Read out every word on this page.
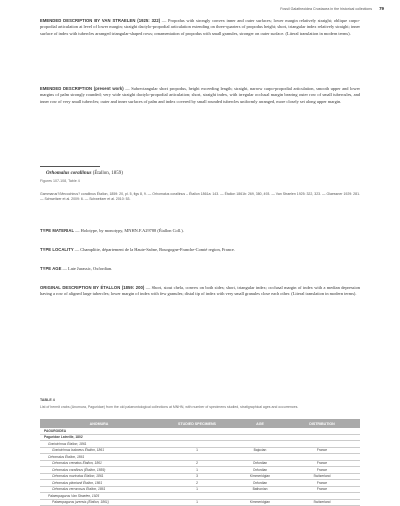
Fossil Galatheoidea Crustacea in the historical collections 79

EMENDED DESCRIPTION BY VAN STRAELEN (1925: 322) — Propodus with strongly convex inner and outer surfaces; lower margin relatively straight; oblique carpo-propodial articulation at level of lower margin; straight dactylo-propodial articulation extending on three-quarters of propodus height; short, triangular index relatively straight; inner surface of index with tubercles arranged triangular-shaped rows; ornamentation of propodus with small granules, stronger on outer surface. (Literal translation in modern terms).

EMENDED DESCRIPTION (present work) — Subrectangular short propodus, height exceeding length; straight, narrow carpo-propodial articulation, smooth upper and lower margins of palm strongly rounded; very wide straight dactylo-propodial articulation; short, straight index, with irregular occlusal margin bearing outer row of small tubercules, and inner row of very small tubercles; outer and inner surfaces of palm and index covered by small rounded tubercles uniformly arranged, more closely set along upper margin.

Orhomalus corallinus (Étallon, 1859)

Figures 107-108, Table 4

Gammarus?/Mecochirus? corallinus Étallon, 1859: 20, pl. 5, figs 8, 9. — Orhomalus corallinus – Étallon 1861a: 143. — Étallon 1861b: 269, 380, 493. — Van Straelen 1925: 322, 323. — Glaessner 1929: 281. — Schweitzer et al. 2009: 6. — Schweitzer et al. 2010: 53.

TYPE MATERIAL — Holotype, by monotypy, MNHN.F.A29788 (Étallon Coll.).

TYPE LOCALITY — Champlitte, département de la Haute-Saône, Bourgogne-Franche-Comté region, France.

TYPE AGE — Late Jurassic, Oxfordian.

ORIGINAL DESCRIPTION BY ÉTALLON (1859: 200) — Short, stout chela, convex on both sides; short, triangular index; occlusal margin of index with a median depression having a row of aligned large tubercles; lower margin of index with few granules; distal tip of index with very small granules close each other. (Literal translation in modern terms).

TABLE 4

List of hermit crabs (Anomura, Paguridae) from the old palaeontological collections at MNHN, with number of specimens studied, stratigraphical ages and occurrences.

ANOMURA	STUDIED SPECIMENS	AGE	DISTRIBUTION
PAGUROIDEA			
Paguridae Latreille, 1802			
Gonioichnus Étallon, 1861			
Gonioichnus baboeus Étallon, 1861	1	Bajocian	France
Orhomalus Étallon, 1861			
Orhomalus crenatus Étallon, 1861	2	Oxfordian	France
Orhomalus corallinus (Étallon, 1859)	1	Oxfordian	France
Orhomalus muricatus Étallon, 1861	3	Kimmeridgian	Switzerland
Orhomalus pitonianii Étallon, 1861	2	Oxfordian	France
Orhomalus verrucosus Étallon, 1861	1	Bathonian	France
Palaeopagurus Van Straelen, 1925			
Palaeopagurus jurensis (Étallon, 1861)	1	Kimmeridgian	Switzerland
